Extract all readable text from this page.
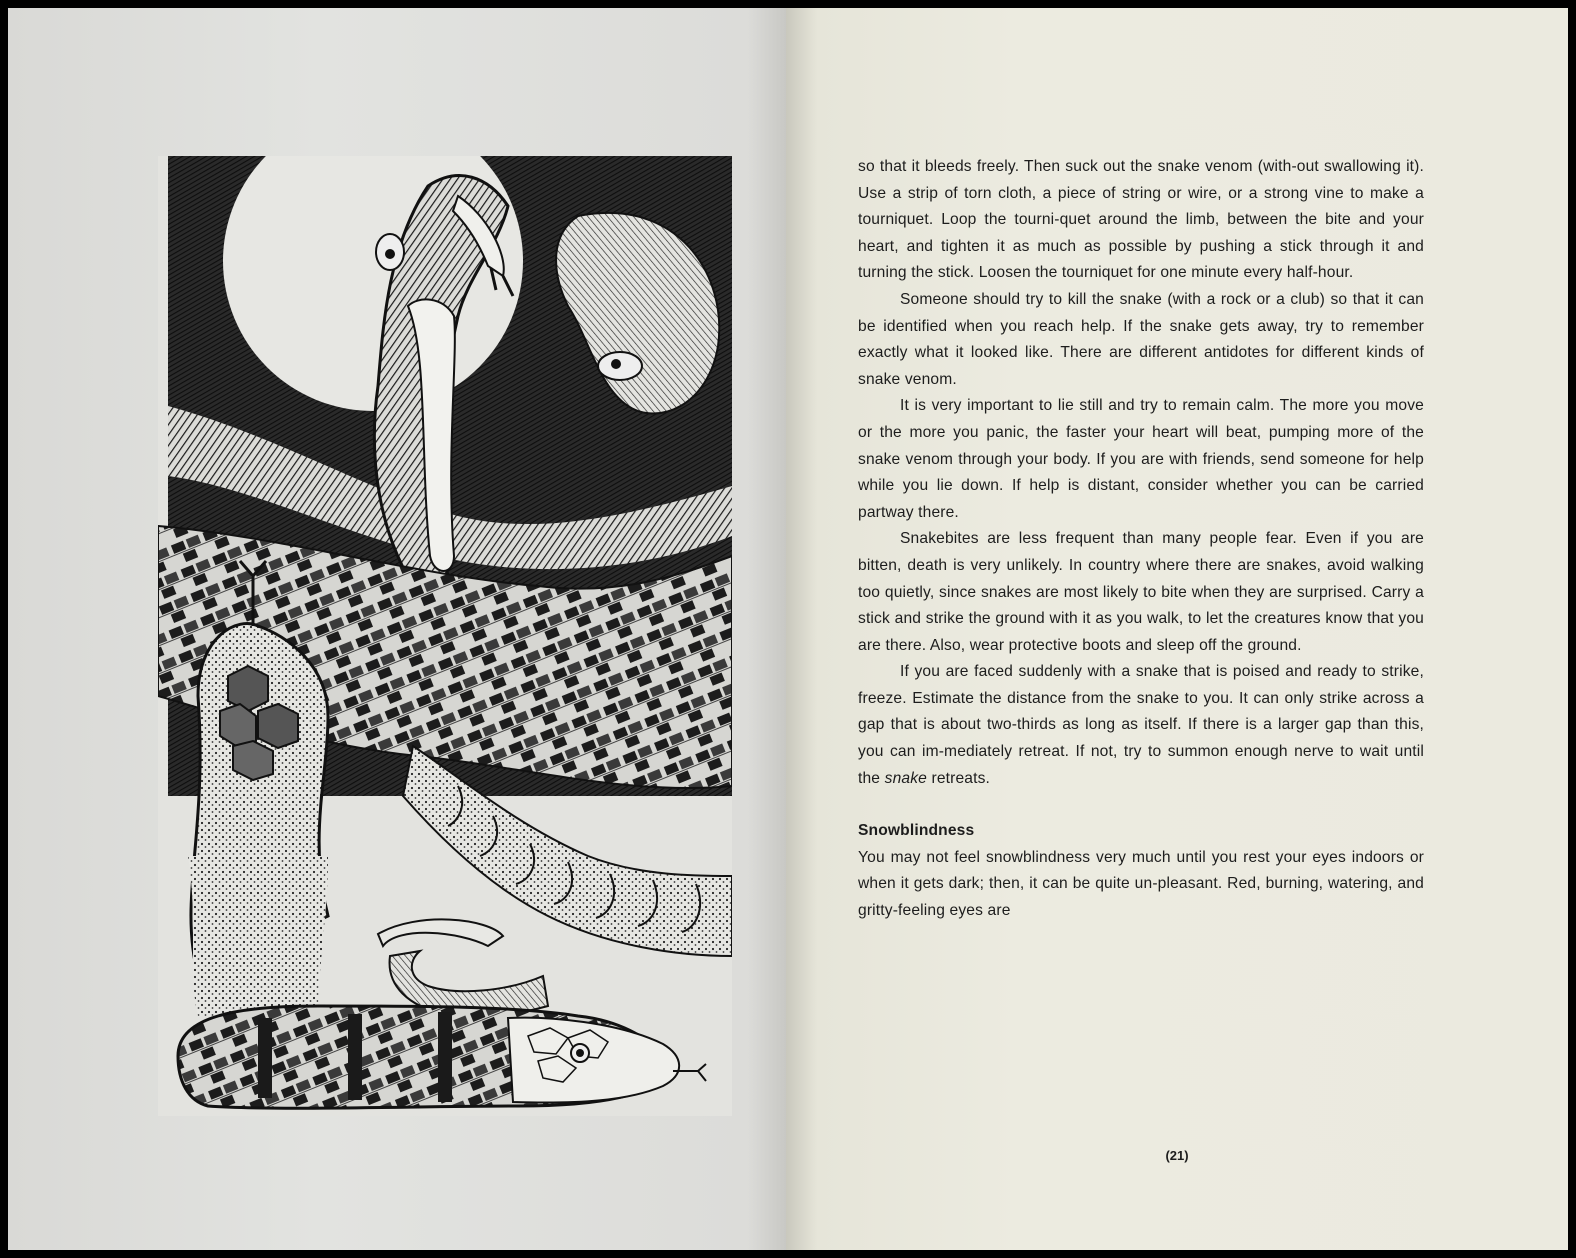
so that it bleeds freely. Then suck out the snake venom (with-out swallowing it). Use a strip of torn cloth, a piece of string or wire, or a strong vine to make a tourniquet. Loop the tourni-quet around the limb, between the bite and your heart, and tighten it as much as possible by pushing a stick through it and turning the stick. Loosen the tourniquet for one minute every half-hour.

Someone should try to kill the snake (with a rock or a club) so that it can be identified when you reach help. If the snake gets away, try to remember exactly what it looked like. There are different antidotes for different kinds of snake venom.

It is very important to lie still and try to remain calm. The more you move or the more you panic, the faster your heart will beat, pumping more of the snake venom through your body. If you are with friends, send someone for help while you lie down. If help is distant, consider whether you can be carried partway there.

Snakebites are less frequent than many people fear. Even if you are bitten, death is very unlikely. In country where there are snakes, avoid walking too quietly, since snakes are most likely to bite when they are surprised. Carry a stick and strike the ground with it as you walk, to let the creatures know that you are there. Also, wear protective boots and sleep off the ground.

If you are faced suddenly with a snake that is poised and ready to strike, freeze. Estimate the distance from the snake to you. It can only strike across a gap that is about two-thirds as long as itself. If there is a larger gap than this, you can im-mediately retreat. If not, try to summon enough nerve to wait until the snake retreats.

Snowblindness

You may not feel snowblindness very much until you rest your eyes indoors or when it gets dark; then, it can be quite un-pleasant. Red, burning, watering, and gritty-feeling eyes are

(21)
